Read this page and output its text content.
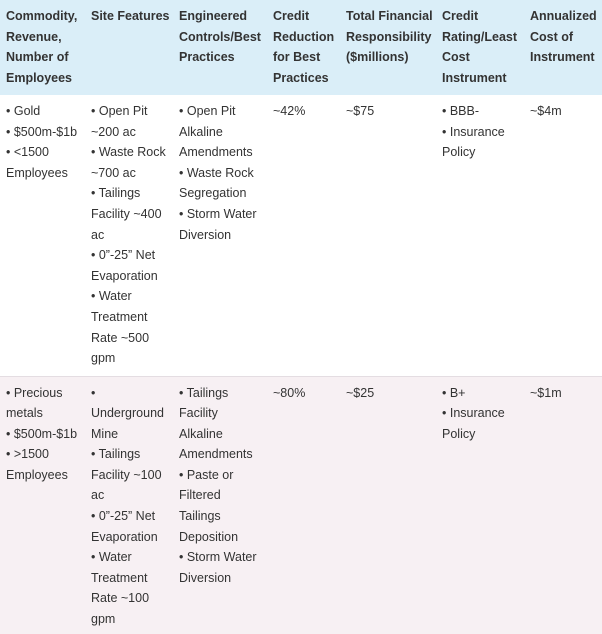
Commodity, Revenue, Number of Employees	Site Features	Engineered Controls/Best Practices	Credit Reduction for Best Practices	Total Financial Responsibility ($millions)	Credit Rating/Least Cost Instrument	Annualized Cost of Instrument

• Gold
• $500m-$1b
• <1500 Employees	• Open Pit ~200 ac
• Waste Rock ~700 ac
• Tailings Facility ~400 ac
• 0”-25” Net Evaporation
• Water Treatment Rate ~500 gpm	• Open Pit Alkaline Amendments
• Waste Rock Segregation
• Storm Water Diversion	~42%	~$75	• BBB-
• Insurance Policy	~$4m

• Precious metals
• $500m-$1b
• >1500 Employees	• Underground Mine
• Tailings Facility ~100 ac
• 0”-25” Net Evaporation
• Water Treatment Rate ~100 gpm	• Tailings Facility Alkaline Amendments
• Paste or Filtered Tailings Deposition
• Storm Water Diversion	~80%	~$25	• B+
• Insurance Policy	~$1m
